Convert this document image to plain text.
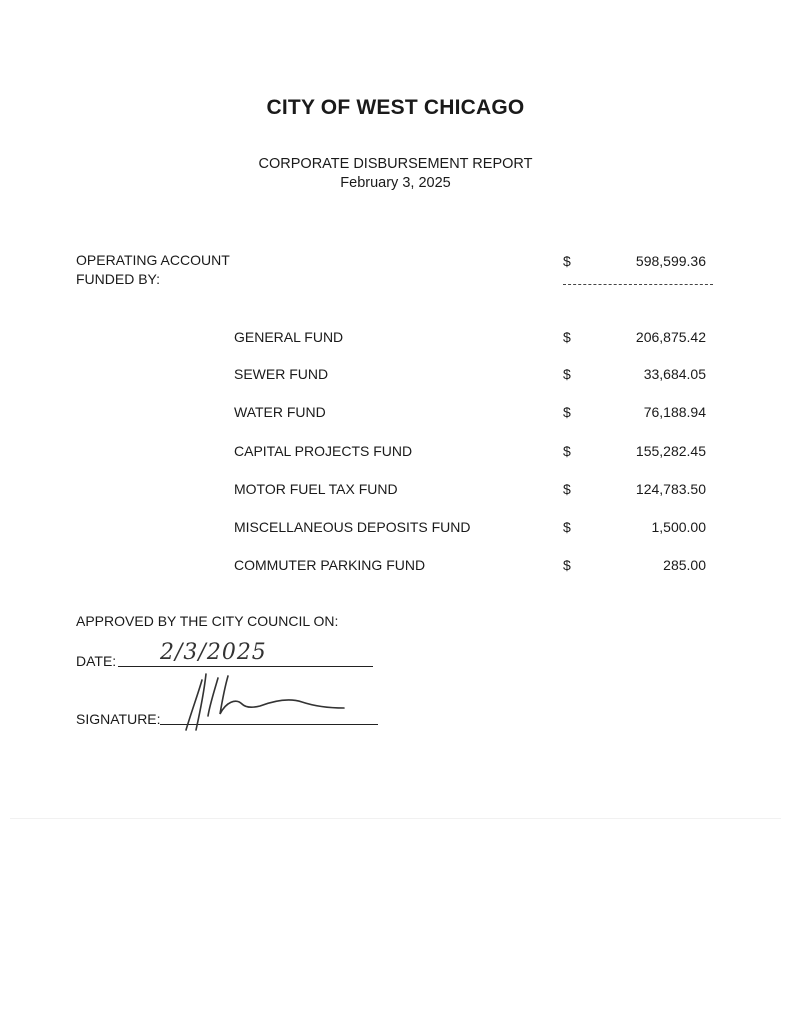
CITY OF WEST CHICAGO
CORPORATE DISBURSEMENT REPORT
February 3, 2025
OPERATING ACCOUNT
FUNDED BY:
$	598,599.36
GENERAL FUND	$	206,875.42
SEWER FUND	$	33,684.05
WATER FUND	$	76,188.94
CAPITAL PROJECTS FUND	$	155,282.45
MOTOR FUEL TAX FUND	$	124,783.50
MISCELLANEOUS DEPOSITS FUND	$	1,500.00
COMMUTER PARKING FUND	$	285.00
APPROVED BY THE CITY COUNCIL ON:
DATE: 2/3/2025
SIGNATURE:
